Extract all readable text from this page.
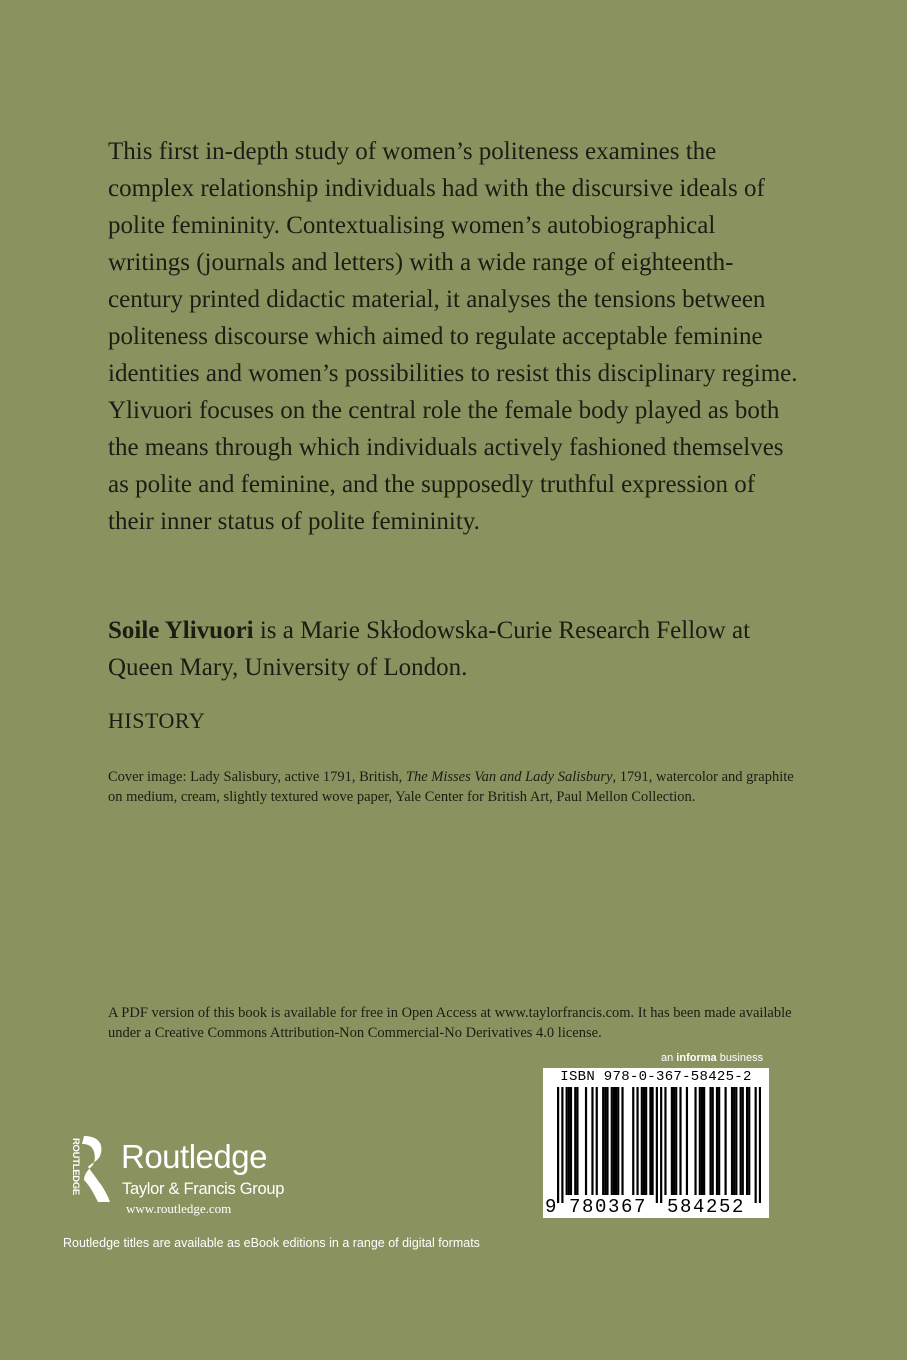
This first in-depth study of women’s politeness examines the complex relationship individuals had with the discursive ideals of polite femininity. Contextualising women’s autobiographical writings (journals and letters) with a wide range of eighteenth-century printed didactic material, it analyses the tensions between politeness discourse which aimed to regulate acceptable feminine identities and women’s possibilities to resist this disciplinary regime. Ylivuori focuses on the central role the female body played as both the means through which individuals actively fashioned themselves as polite and feminine, and the supposedly truthful expression of their inner status of polite femininity.

Soile Ylivuori is a Marie Skłodowska-Curie Research Fellow at Queen Mary, University of London.

HISTORY

Cover image: Lady Salisbury, active 1791, British, The Misses Van and Lady Salisbury, 1791, watercolor and graphite on medium, cream, slightly textured wove paper, Yale Center for British Art, Paul Mellon Collection.

A PDF version of this book is available for free in Open Access at www.taylorfrancis.com. It has been made available under a Creative Commons Attribution-Non Commercial-No Derivatives 4.0 license.

an informa business
ISBN 978-0-367-58425-2
9 780367 584252
ROUTLEDGE Routledge
Taylor & Francis Group
www.routledge.com
Routledge titles are available as eBook editions in a range of digital formats
